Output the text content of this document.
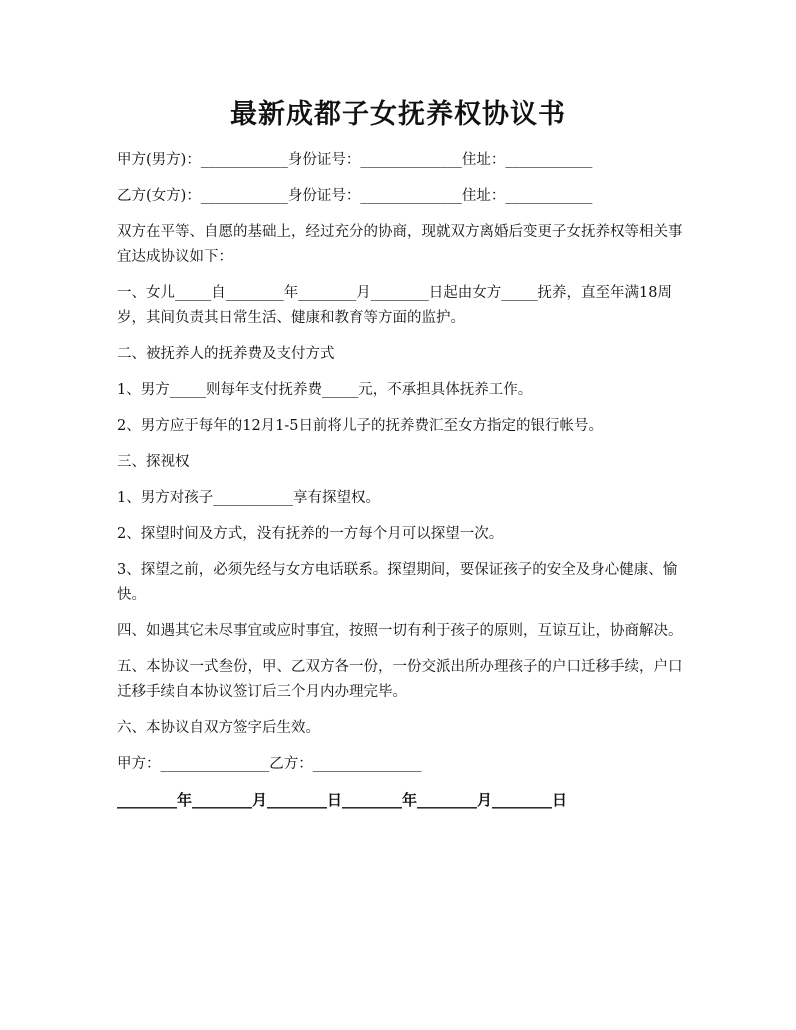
最新成都子女抚养权协议书

甲方(男方)：____________身份证号：______________住址：____________

乙方(女方)：____________身份证号：______________住址：____________

双方在平等、自愿的基础上，经过充分的协商，现就双方离婚后变更子女抚养权等相关事宜达成协议如下：

一、女儿_____自________年________月________日起由女方_____抚养，直至年满18周岁，其间负责其日常生活、健康和教育等方面的监护。

二、被抚养人的抚养费及支付方式

1、男方_____则每年支付抚养费_____元，不承担具体抚养工作。

2、男方应于每年的12月1-5日前将儿子的抚养费汇至女方指定的银行帐号。

三、探视权

1、男方对孩子___________享有探望权。

2、探望时间及方式，没有抚养的一方每个月可以探望一次。

3、探望之前，必须先经与女方电话联系。探望期间，要保证孩子的安全及身心健康、愉快。

四、如遇其它未尽事宜或应时事宜，按照一切有利于孩子的原则，互谅互让，协商解决。

五、本协议一式叁份，甲、乙双方各一份，一份交派出所办理孩子的户口迁移手续，户口迁移手续自本协议签订后三个月内办理完毕。

六、本协议自双方签字后生效。

甲方：_______________乙方：_______________

________年________月________日________年________月________日
